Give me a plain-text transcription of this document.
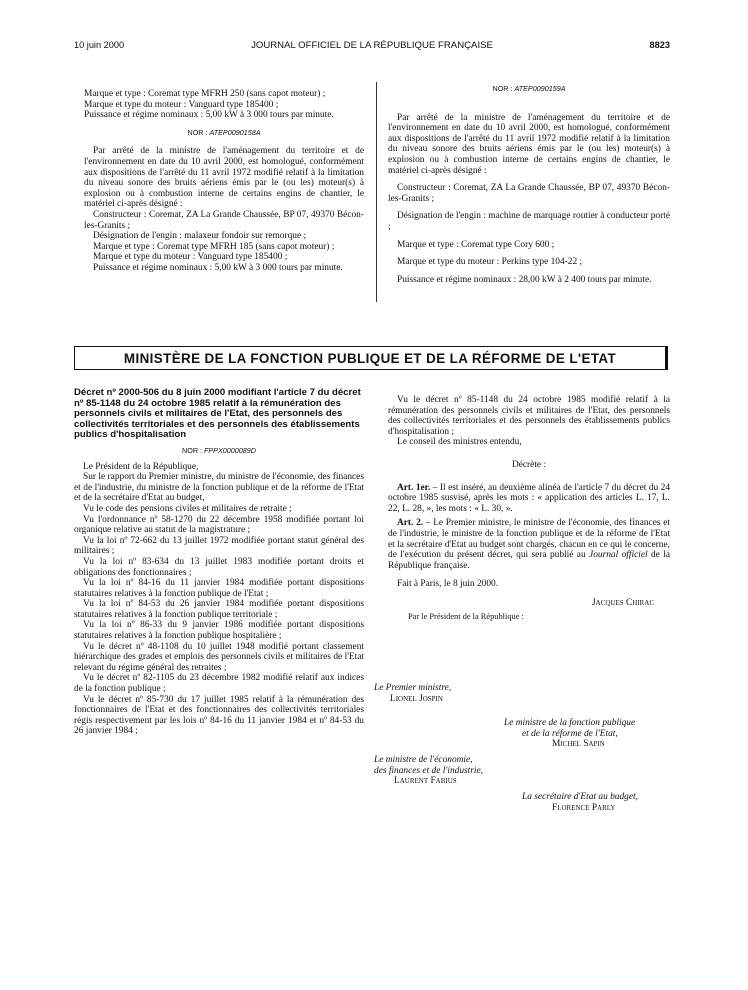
10 juin 2000	JOURNAL OFFICIEL DE LA RÉPUBLIQUE FRANÇAISE	8823

Marque et type : Coremat type MFRH 250 (sans capot moteur) ;

Marque et type du moteur : Vanguard type 185400 ;

Puissance et régime nominaux : 5,00 kW à 3 000 tours par minute.

NOR : ATEP0090158A

Par arrêté de la ministre de l'aménagement du territoire et de l'environnement en date du 10 avril 2000, est homologué, conformément aux dispositions de l'arrêté du 11 avril 1972 modifié relatif à la limitation du niveau sonore des bruits aériens émis par le (ou les) moteur(s) à explosion ou à combustion interne de certains engins de chantier, le matériel ci-après désigné :

Constructeur : Coremat, ZA La Grande Chaussée, BP 07, 49370 Bécon-les-Granits ;

Désignation de l'engin : malaxeur fondoir sur remorque ;

Marque et type : Coremat type MFRH 185 (sans capot moteur) ;

Marque et type du moteur : Vanguard type 185400 ;

Puissance et régime nominaux : 5,00 kW à 3 000 tours par minute.

NOR : ATEP0090159A

Par arrêté de la ministre de l'aménagement du territoire et de l'environnement en date du 10 avril 2000, est homologué, conformément aux dispositions de l'arrêté du 11 avril 1972 modifié relatif à la limitation du niveau sonore des bruits aériens émis par le (ou les) moteur(s) à explosion ou à combustion interne de certains engins de chantier, le matériel ci-après désigné :

Constructeur : Coremat, ZA La Grande Chaussée, BP 07, 49370 Bécon-les-Granits ;

Désignation de l'engin : machine de marquage routier à conducteur porté ;

Marque et type : Coremat type Cory 600 ;

Marque et type du moteur : Perkins type 104-22 ;

Puissance et régime nominaux : 28,00 kW à 2 400 tours par minute.

MINISTÈRE DE LA FONCTION PUBLIQUE ET DE LA RÉFORME DE L'ETAT

Décret nº 2000-506 du 8 juin 2000 modifiant l'article 7 du décret nº 85-1148 du 24 octobre 1985 relatif à la rémunération des personnels civils et militaires de l'Etat, des personnels des collectivités territoriales et des personnels des établissements publics d'hospitalisation

NOR : FPPX0000089D

Le Président de la République,

Sur le rapport du Premier ministre, du ministre de l'économie, des finances et de l'industrie, du ministre de la fonction publique et de la réforme de l'Etat et de la secrétaire d'Etat au budget,

Vu le code des pensions civiles et militaires de retraite ;

Vu l'ordonnance nº 58-1270 du 22 décembre 1958 modifiée portant loi organique relative au statut de la magistrature ;

Vu la loi nº 72-662 du 13 juillet 1972 modifiée portant statut général des militaires ;

Vu la loi nº 83-634 du 13 juillet 1983 modifiée portant droits et obligations des fonctionnaires ;

Vu la loi nº 84-16 du 11 janvier 1984 modifiée portant dispositions statutaires relatives à la fonction publique de l'Etat ;

Vu la loi nº 84-53 du 26 janvier 1984 modifiée portant dispositions statutaires relatives à la fonction publique territoriale ;

Vu la loi nº 86-33 du 9 janvier 1986 modifiée portant dispositions statutaires relatives à la fonction publique hospitalière ;

Vu le décret nº 48-1108 du 10 juillet 1948 modifié portant classement hiérarchique des grades et emplois des personnels civils et militaires de l'Etat relevant du régime général des retraites ;

Vu le décret nº 82-1105 du 23 décembre 1982 modifié relatif aux indices de la fonction publique ;

Vu le décret nº 85-730 du 17 juillet 1985 relatif à la rémunération des fonctionnaires de l'Etat et des fonctionnaires des collectivités territoriales régis respectivement par les lois nº 84-16 du 11 janvier 1984 et nº 84-53 du 26 janvier 1984 ;

Vu le décret nº 85-1148 du 24 octobre 1985 modifié relatif à la rémunération des personnels civils et militaires de l'Etat, des personnels des collectivités territoriales et des personnels des établissements publics d'hospitalisation ;

Le conseil des ministres entendu,

Décrète :

Art. 1er. – Il est inséré, au deuxième alinéa de l'article 7 du décret du 24 octobre 1985 susvisé, après les mots : « application des articles L. 17, L. 22, L. 28, », les mots : « L. 30, ».

Art. 2. – Le Premier ministre, le ministre de l'économie, des finances et de l'industrie, le ministre de la fonction publique et de la réforme de l'Etat et la secrétaire d'Etat au budget sont chargés, chacun en ce qui le concerne, de l'exécution du présent décret, qui sera publié au Journal officiel de la République française.

Fait à Paris, le 8 juin 2000.

Jacques Chirac

Par le Président de la République :

Le Premier ministre,

Lionel Jospin

Le ministre de la fonction publique

et de la réforme de l'Etat,

Michel Sapin

Le ministre de l'économie,

des finances et de l'industrie,

Laurent Fabius

La secrétaire d'Etat au budget,

Florence Parly
